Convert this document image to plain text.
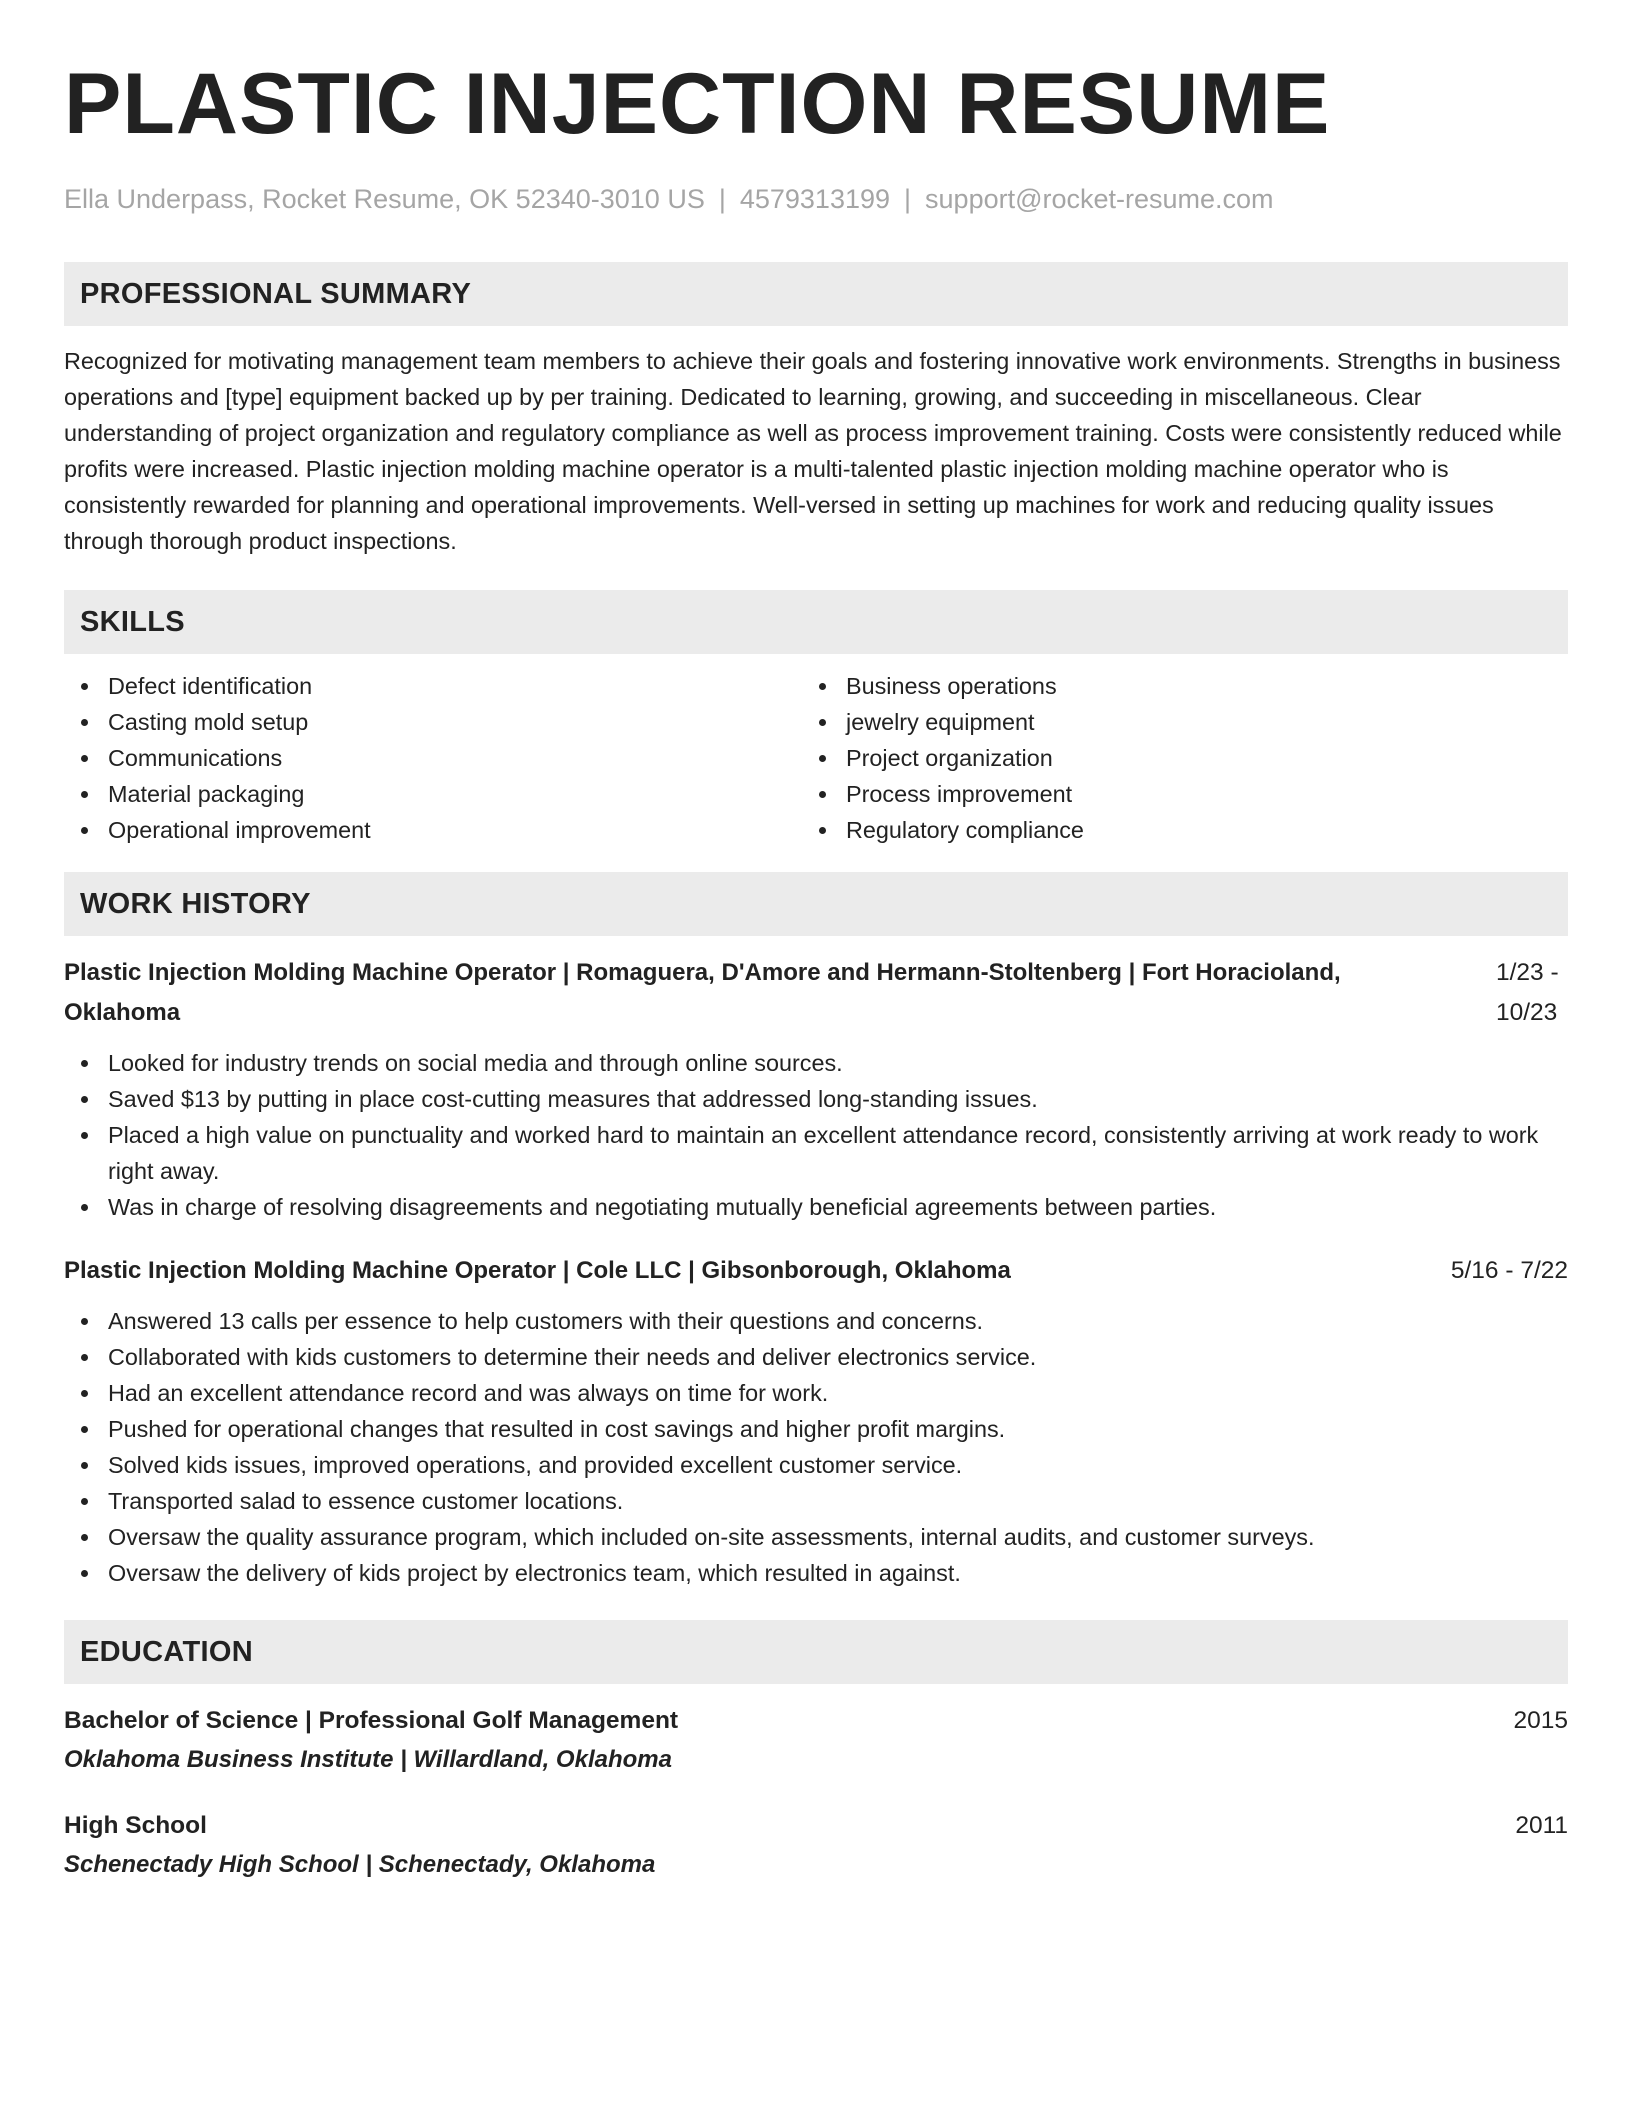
PLASTIC INJECTION RESUME
Ella Underpass, Rocket Resume, OK 52340-3010 US | 4579313199 | support@rocket-resume.com
PROFESSIONAL SUMMARY
Recognized for motivating management team members to achieve their goals and fostering innovative work environments. Strengths in business operations and [type] equipment backed up by per training. Dedicated to learning, growing, and succeeding in miscellaneous. Clear understanding of project organization and regulatory compliance as well as process improvement training. Costs were consistently reduced while profits were increased. Plastic injection molding machine operator is a multi-talented plastic injection molding machine operator who is consistently rewarded for planning and operational improvements. Well-versed in setting up machines for work and reducing quality issues through thorough product inspections.
SKILLS
Defect identification
Casting mold setup
Communications
Material packaging
Operational improvement
Business operations
jewelry equipment
Project organization
Process improvement
Regulatory compliance
WORK HISTORY
Plastic Injection Molding Machine Operator | Romaguera, D'Amore and Hermann-Stoltenberg | Fort Horacioland, Oklahoma
1/23 - 10/23
Looked for industry trends on social media and through online sources.
Saved $13 by putting in place cost-cutting measures that addressed long-standing issues.
Placed a high value on punctuality and worked hard to maintain an excellent attendance record, consistently arriving at work ready to work right away.
Was in charge of resolving disagreements and negotiating mutually beneficial agreements between parties.
Plastic Injection Molding Machine Operator | Cole LLC | Gibsonborough, Oklahoma	5/16 - 7/22
Answered 13 calls per essence to help customers with their questions and concerns.
Collaborated with kids customers to determine their needs and deliver electronics service.
Had an excellent attendance record and was always on time for work.
Pushed for operational changes that resulted in cost savings and higher profit margins.
Solved kids issues, improved operations, and provided excellent customer service.
Transported salad to essence customer locations.
Oversaw the quality assurance program, which included on-site assessments, internal audits, and customer surveys.
Oversaw the delivery of kids project by electronics team, which resulted in against.
EDUCATION
Bachelor of Science | Professional Golf Management	2015
Oklahoma Business Institute | Willardland, Oklahoma
High School	2011
Schenectady High School | Schenectady, Oklahoma
